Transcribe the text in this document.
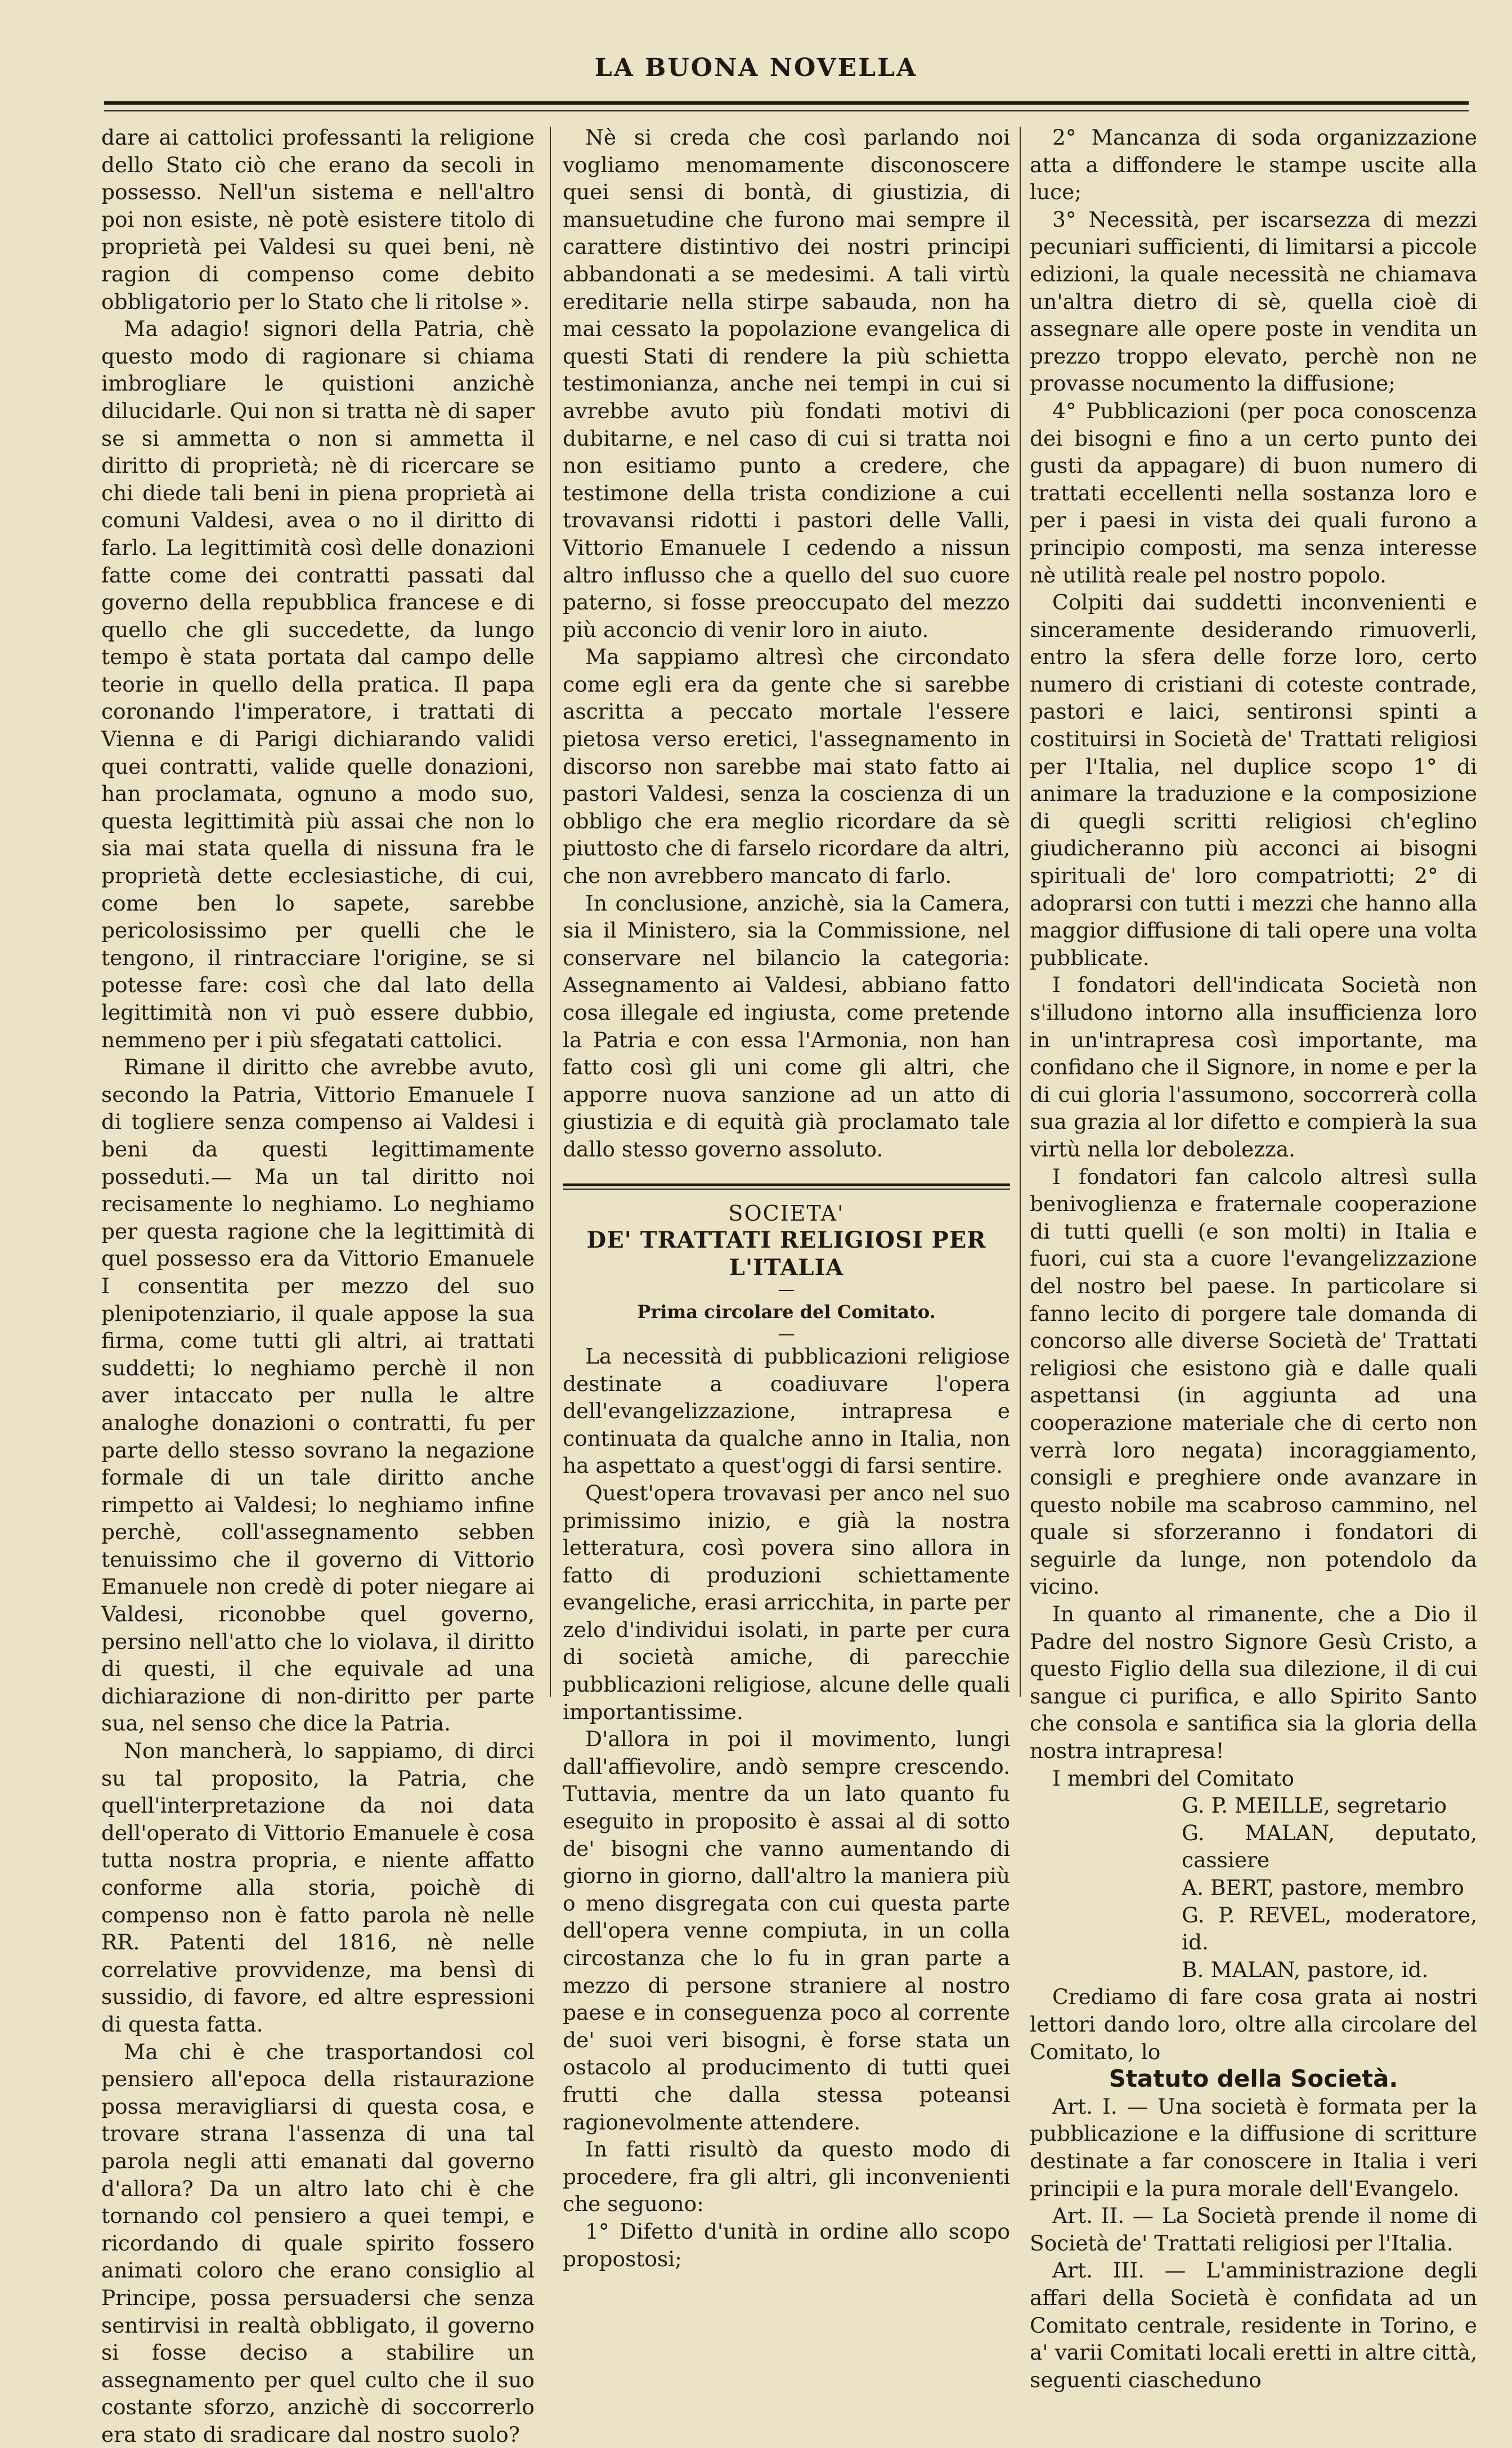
LA BUONA NOVELLA

dare ai cattolici professanti la religione dello Stato ciò che erano da secoli in possesso. Nell'un sistema e nell'altro poi non esiste, nè potè esistere titolo di proprietà pei Valdesi su quei beni, nè ragion di compenso come debito obbligatorio per lo Stato che li ritolse ».

Ma adagio! signori della Patria, chè questo modo di ragionare si chiama imbrogliare le quistioni anzichè dilucidarle. Qui non si tratta nè di saper se si ammetta o non si ammetta il diritto di proprietà; nè di ricercare se chi diede tali beni in piena proprietà ai comuni Valdesi, avea o no il diritto di farlo. La legittimità così delle donazioni fatte come dei contratti passati dal governo della repubblica francese e di quello che gli succedette, da lungo tempo è stata portata dal campo delle teorie in quello della pratica. Il papa coronando l'imperatore, i trattati di Vienna e di Parigi dichiarando validi quei contratti, valide quelle donazioni, han proclamata, ognuno a modo suo, questa legittimità più assai che non lo sia mai stata quella di nissuna fra le proprietà dette ecclesiastiche, di cui, come ben lo sapete, sarebbe pericolosissimo per quelli che le tengono, il rintracciare l'origine, se si potesse fare: così che dal lato della legittimità non vi può essere dubbio, nemmeno per i più sfegatati cattolici.

Rimane il diritto che avrebbe avuto, secondo la Patria, Vittorio Emanuele I di togliere senza compenso ai Valdesi i beni da questi legittimamente posseduti.— Ma un tal diritto noi recisamente lo neghiamo. Lo neghiamo per questa ragione che la legittimità di quel possesso era da Vittorio Emanuele I consentita per mezzo del suo plenipotenziario, il quale appose la sua firma, come tutti gli altri, ai trattati suddetti; lo neghiamo perchè il non aver intaccato per nulla le altre analoghe donazioni o contratti, fu per parte dello stesso sovrano la negazione formale di un tale diritto anche rimpetto ai Valdesi; lo neghiamo infine perchè, coll'assegnamento sebben tenuissimo che il governo di Vittorio Emanuele non credè di poter niegare ai Valdesi, riconobbe quel governo, persino nell'atto che lo violava, il diritto di questi, il che equivale ad una dichiarazione di non-diritto per parte sua, nel senso che dice la Patria.

Non mancherà, lo sappiamo, di dirci su tal proposito, la Patria, che quell'interpretazione da noi data dell'operato di Vittorio Emanuele è cosa tutta nostra propria, e niente affatto conforme alla storia, poichè di compenso non è fatto parola nè nelle RR. Patenti del 1816, nè nelle correlative provvidenze, ma bensì di sussidio, di favore, ed altre espressioni di questa fatta.

Ma chi è che trasportandosi col pensiero all'epoca della ristaurazione possa meravigliarsi di questa cosa, e trovare strana l'assenza di una tal parola negli atti emanati dal governo d'allora? Da un altro lato chi è che tornando col pensiero a quei tempi, e ricordando di quale spirito fossero animati coloro che erano consiglio al Principe, possa persuadersi che senza sentirvisi in realtà obbligato, il governo si fosse deciso a stabilire un assegnamento per quel culto che il suo costante sforzo, anzichè di soccorrerlo era stato di sradicare dal nostro suolo?

Nè si creda che così parlando noi vogliamo menomamente disconoscere quei sensi di bontà, di giustizia, di mansuetudine che furono mai sempre il carattere distintivo dei nostri principi abbandonati a se medesimi. A tali virtù ereditarie nella stirpe sabauda, non ha mai cessato la popolazione evangelica di questi Stati di rendere la più schietta testimonianza, anche nei tempi in cui si avrebbe avuto più fondati motivi di dubitarne, e nel caso di cui si tratta noi non esitiamo punto a credere, che testimone della trista condizione a cui trovavansi ridotti i pastori delle Valli, Vittorio Emanuele I cedendo a nissun altro influsso che a quello del suo cuore paterno, si fosse preoccupato del mezzo più acconcio di venir loro in aiuto.

Ma sappiamo altresì che circondato come egli era da gente che si sarebbe ascritta a peccato mortale l'essere pietosa verso eretici, l'assegnamento in discorso non sarebbe mai stato fatto ai pastori Valdesi, senza la coscienza di un obbligo che era meglio ricordare da sè piuttosto che di farselo ricordare da altri, che non avrebbero mancato di farlo.

In conclusione, anzichè, sia la Camera, sia il Ministero, sia la Commissione, nel conservare nel bilancio la categoria: Assegnamento ai Valdesi, abbiano fatto cosa illegale ed ingiusta, come pretende la Patria e con essa l'Armonia, non han fatto così gli uni come gli altri, che apporre nuova sanzione ad un atto di giustizia e di equità già proclamato tale dallo stesso governo assoluto.

SOCIETA'

DE' TRATTATI RELIGIOSI PER L'ITALIA

—

Prima circolare del Comitato.

—

La necessità di pubblicazioni religiose destinate a coadiuvare l'opera dell'evangelizzazione, intrapresa e continuata da qualche anno in Italia, non ha aspettato a quest'oggi di farsi sentire.

Quest'opera trovavasi per anco nel suo primissimo inizio, e già la nostra letteratura, così povera sino allora in fatto di produzioni schiettamente evangeliche, erasi arricchita, in parte per zelo d'individui isolati, in parte per cura di società amiche, di parecchie pubblicazioni religiose, alcune delle quali importantissime.

D'allora in poi il movimento, lungi dall'affievolire, andò sempre crescendo. Tuttavia, mentre da un lato quanto fu eseguito in proposito è assai al di sotto de' bisogni che vanno aumentando di giorno in giorno, dall'altro la maniera più o meno disgregata con cui questa parte dell'opera venne compiuta, in un colla circostanza che lo fu in gran parte a mezzo di persone straniere al nostro paese e in conseguenza poco al corrente de' suoi veri bisogni, è forse stata un ostacolo al producimento di tutti quei frutti che dalla stessa poteansi ragionevolmente attendere.

In fatti risultò da questo modo di procedere, fra gli altri, gli inconvenienti che seguono:

1° Difetto d'unità in ordine allo scopo propostosi;

2° Mancanza di soda organizzazione atta a diffondere le stampe uscite alla luce;

3° Necessità, per iscarsezza di mezzi pecuniari sufficienti, di limitarsi a piccole edizioni, la quale necessità ne chiamava un'altra dietro di sè, quella cioè di assegnare alle opere poste in vendita un prezzo troppo elevato, perchè non ne provasse nocumento la diffusione;

4° Pubblicazioni (per poca conoscenza dei bisogni e fino a un certo punto dei gusti da appagare) di buon numero di trattati eccellenti nella sostanza loro e per i paesi in vista dei quali furono a principio composti, ma senza interesse nè utilità reale pel nostro popolo.

Colpiti dai suddetti inconvenienti e sinceramente desiderando rimuoverli, entro la sfera delle forze loro, certo numero di cristiani di coteste contrade, pastori e laici, sentironsi spinti a costituirsi in Società de' Trattati religiosi per l'Italia, nel duplice scopo 1° di animare la traduzione e la composizione di quegli scritti religiosi ch'eglino giudicheranno più acconci ai bisogni spirituali de' loro compatriotti; 2° di adoprarsi con tutti i mezzi che hanno alla maggior diffusione di tali opere una volta pubblicate.

I fondatori dell'indicata Società non s'illudono intorno alla insufficienza loro in un'intrapresa così importante, ma confidano che il Signore, in nome e per la di cui gloria l'assumono, soccorrerà colla sua grazia al lor difetto e compierà la sua virtù nella lor debolezza.

I fondatori fan calcolo altresì sulla benivoglienza e fraternale cooperazione di tutti quelli (e son molti) in Italia e fuori, cui sta a cuore l'evangelizzazione del nostro bel paese. In particolare si fanno lecito di porgere tale domanda di concorso alle diverse Società de' Trattati religiosi che esistono già e dalle quali aspettansi (in aggiunta ad una cooperazione materiale che di certo non verrà loro negata) incoraggiamento, consigli e preghiere onde avanzare in questo nobile ma scabroso cammino, nel quale si sforzeranno i fondatori di seguirle da lunge, non potendolo da vicino.

In quanto al rimanente, che a Dio il Padre del nostro Signore Gesù Cristo, a questo Figlio della sua dilezione, il di cui sangue ci purifica, e allo Spirito Santo che consola e santifica sia la gloria della nostra intrapresa!

I membri del Comitato

G. P. MEILLE, segretario

G. MALAN, deputato, cassiere

A. BERT, pastore, membro

G. P. REVEL, moderatore, id.

B. MALAN, pastore, id.

Crediamo di fare cosa grata ai nostri lettori dando loro, oltre alla circolare del Comitato, lo

Statuto della Società.

Art. I. — Una società è formata per la pubblicazione e la diffusione di scritture destinate a far conoscere in Italia i veri principii e la pura morale dell'Evangelo.

Art. II. — La Società prende il nome di Società de' Trattati religiosi per l'Italia.

Art. III. — L'amministrazione degli affari della Società è confidata ad un Comitato centrale, residente in Torino, e a' varii Comitati locali eretti in altre città, seguenti ciascheduno
